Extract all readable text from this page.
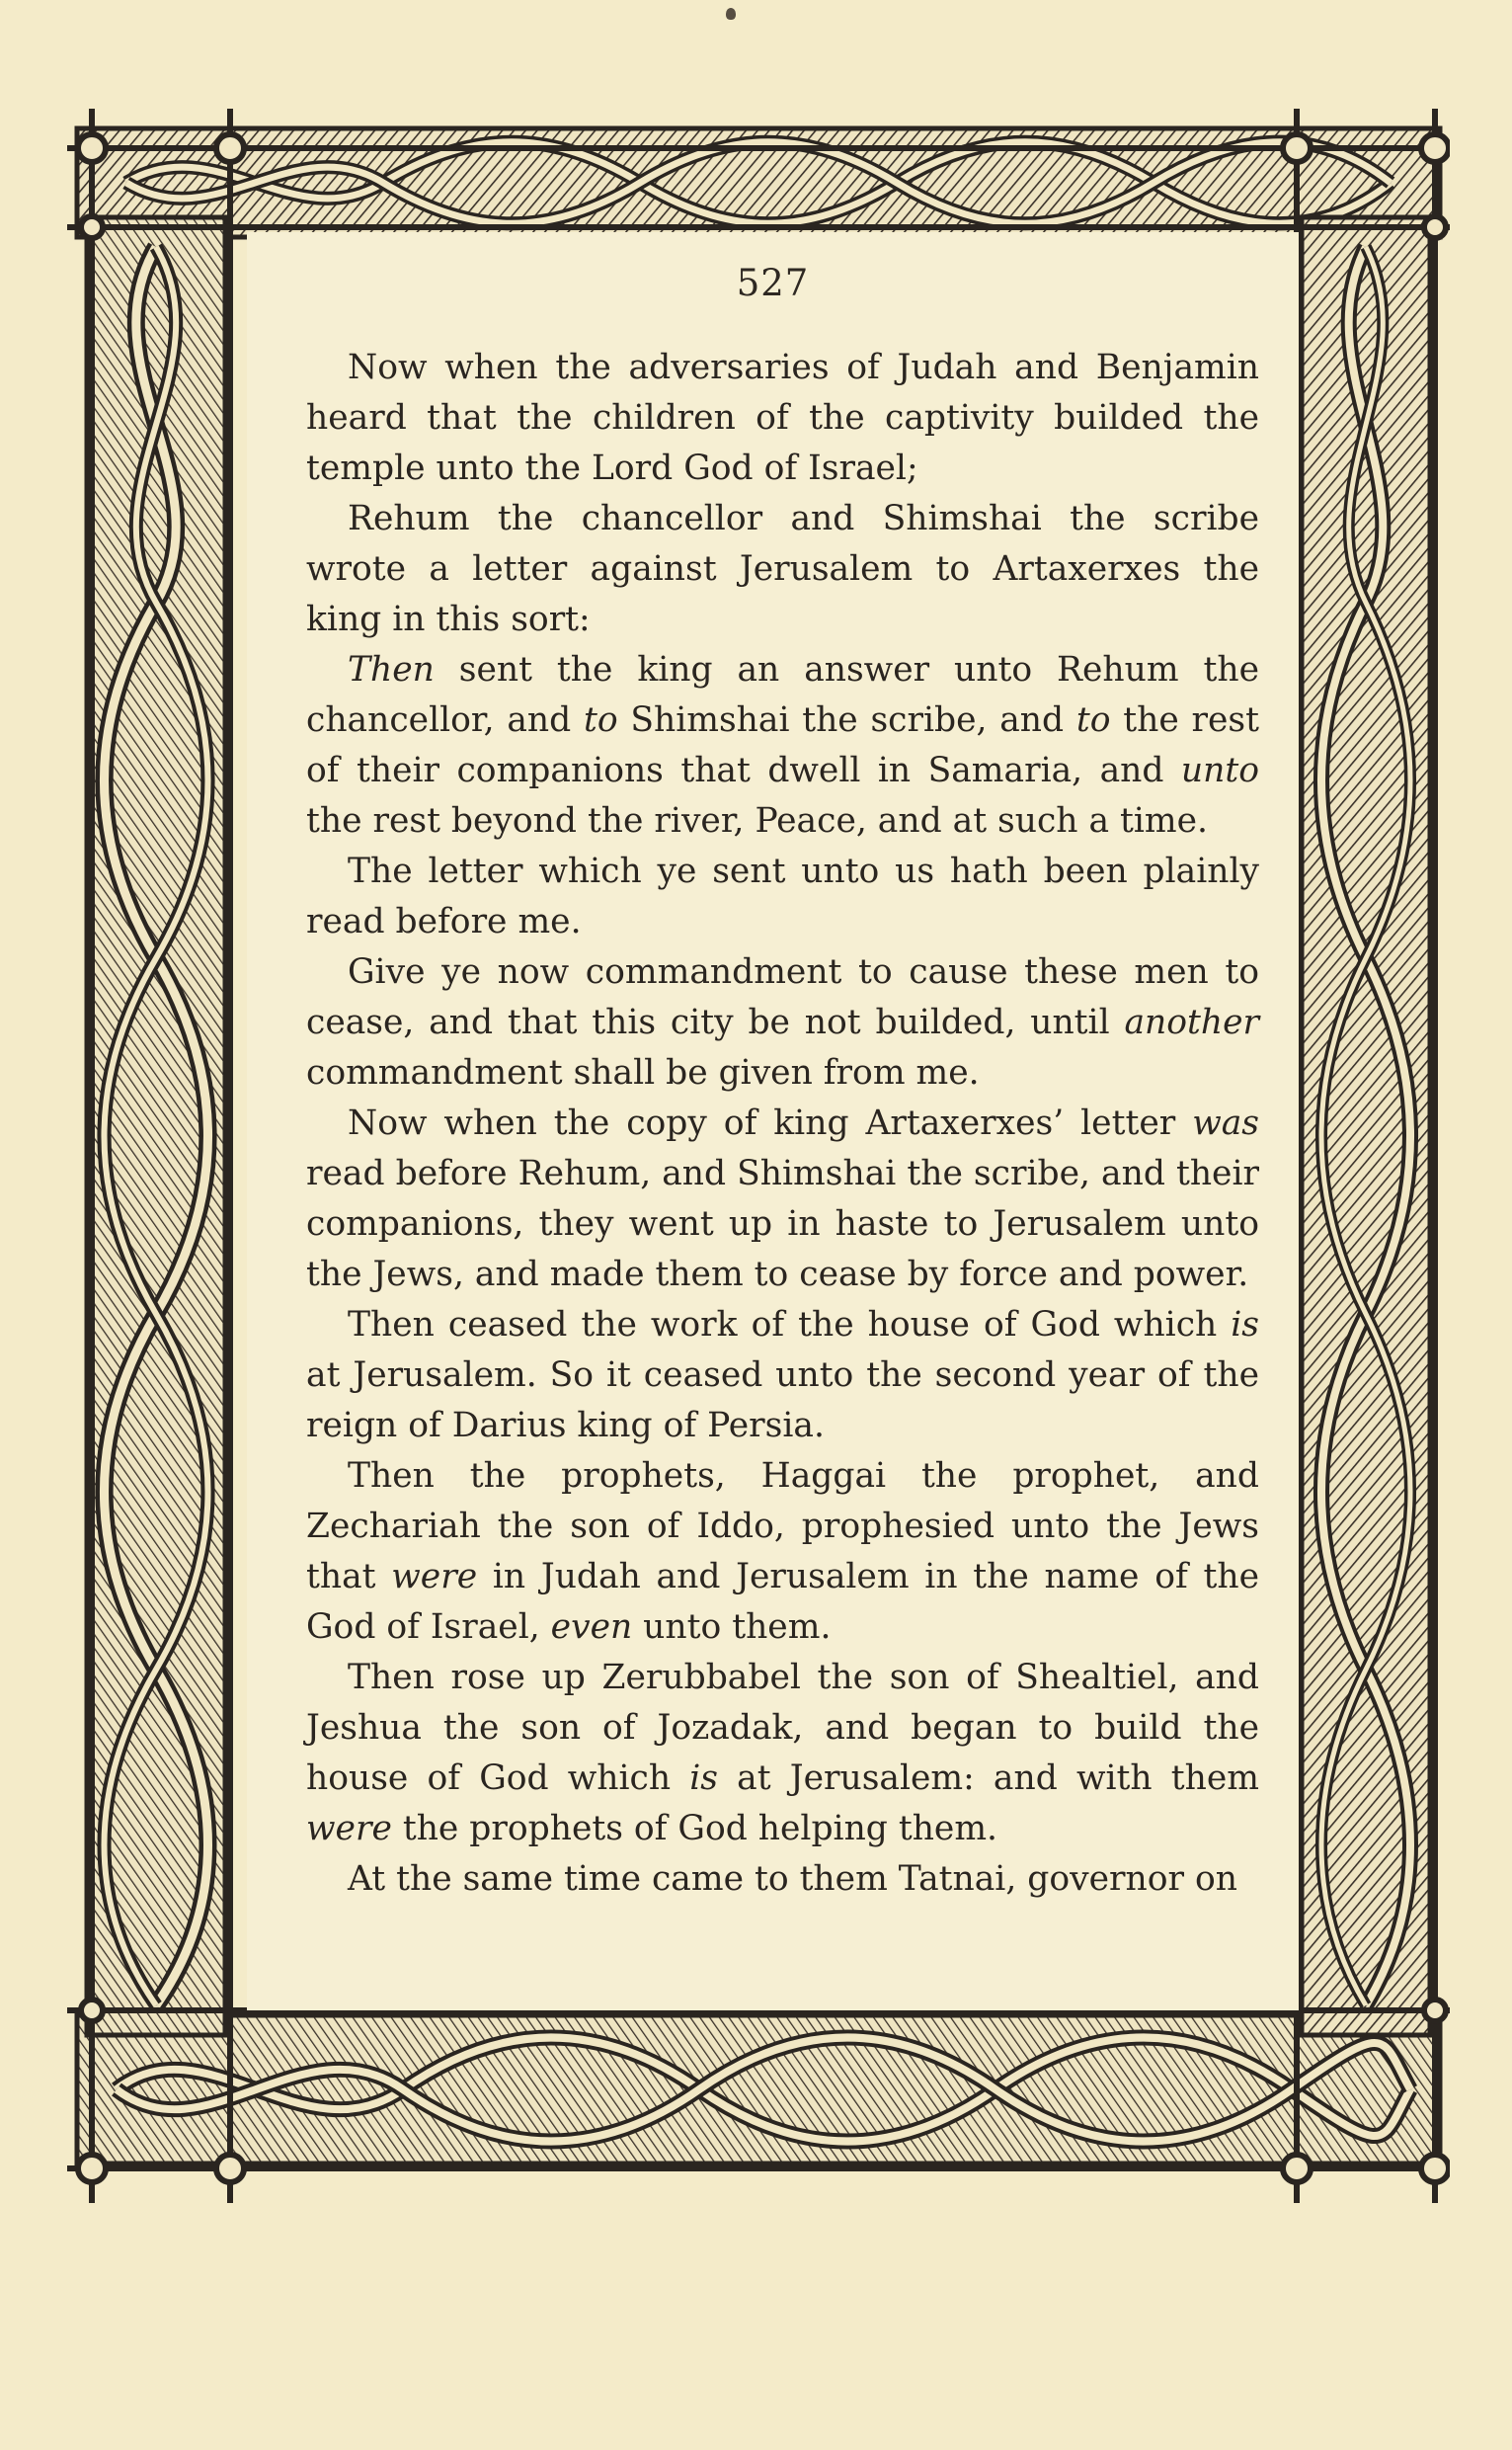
527

Now when the adversaries of Judah and Benjamin heard that the children of the captivity builded the temple unto the Lord God of Israel;

Rehum the chancellor and Shimshai the scribe wrote a letter against Jerusalem to Artaxerxes the king in this sort:

Then sent the king an answer unto Rehum the chancellor, and to Shimshai the scribe, and to the rest of their companions that dwell in Samaria, and unto the rest beyond the river, Peace, and at such a time.

The letter which ye sent unto us hath been plainly read before me.

Give ye now commandment to cause these men to cease, and that this city be not builded, until another commandment shall be given from me.

Now when the copy of king Artaxerxes’ letter was read before Rehum, and Shimshai the scribe, and their companions, they went up in haste to Jerusalem unto the Jews, and made them to cease by force and power.

Then ceased the work of the house of God which is at Jerusalem. So it ceased unto the second year of the reign of Darius king of Persia.

Then the prophets, Haggai the prophet, and Zechariah the son of Iddo, prophesied unto the Jews that were in Judah and Jerusalem in the name of the God of Israel, even unto them.

Then rose up Zerubbabel the son of Shealtiel, and Jeshua the son of Jozadak, and began to build the house of God which is at Jerusalem: and with them were the prophets of God helping them.

At the same time came to them Tatnai, governor on
